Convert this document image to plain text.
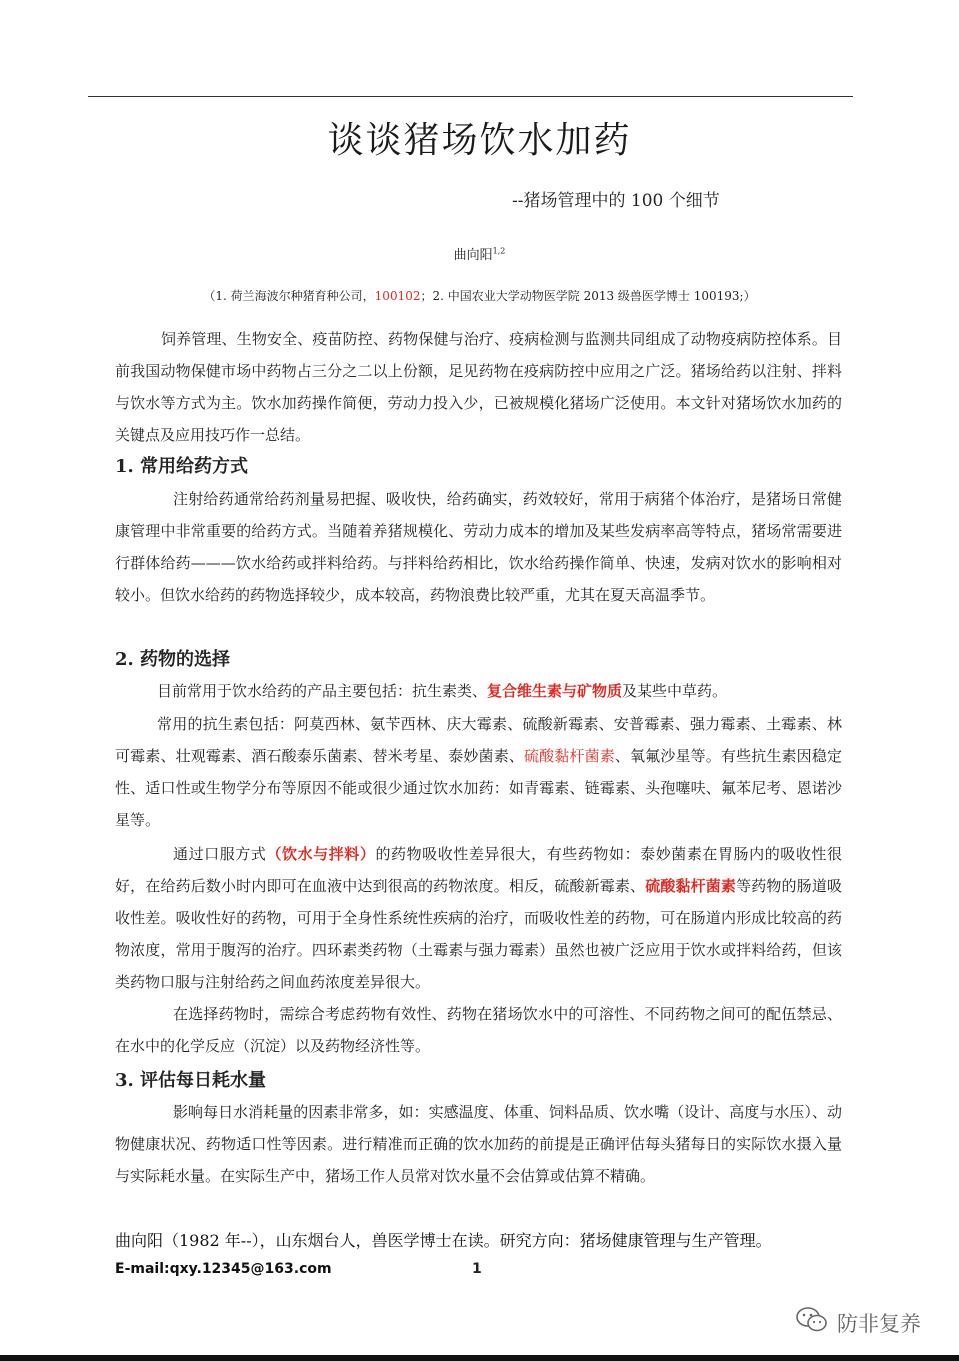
谈谈猪场饮水加药
--猪场管理中的 100 个细节
曲向阳$^{1,2}$
（1. 荷兰海波尔种猪育种公司，100102；2. 中国农业大学动物医学院 2013 级兽医学博士 100193;）

饲养管理、生物安全、疫苗防控、药物保健与治疗、疫病检测与监测共同组成了动物疫病防控体系。目前我国动物保健市场中药物占三分之二以上份额，足见药物在疫病防控中应用之广泛。猪场给药以注射、拌料与饮水等方式为主。饮水加药操作简便，劳动力投入少，已被规模化猪场广泛使用。本文针对猪场饮水加药的关键点及应用技巧作一总结。

1. 常用给药方式

注射给药通常给药剂量易把握、吸收快，给药确实，药效较好，常用于病猪个体治疗，是猪场日常健康管理中非常重要的给药方式。当随着养猪规模化、劳动力成本的增加及某些发病率高等特点，猪场常需要进行群体给药———饮水给药或拌料给药。与拌料给药相比，饮水给药操作简单、快速，发病对饮水的影响相对较小。但饮水给药的药物选择较少，成本较高，药物浪费比较严重，尤其在夏天高温季节。

2. 药物的选择

目前常用于饮水给药的产品主要包括：抗生素类、复合维生素与矿物质及某些中草药。

常用的抗生素包括：阿莫西林、氨苄西林、庆大霉素、硫酸新霉素、安普霉素、强力霉素、土霉素、林可霉素、壮观霉素、酒石酸泰乐菌素、替米考星、泰妙菌素、硫酸黏杆菌素、氧氟沙星等。有些抗生素因稳定性、适口性或生物学分布等原因不能或很少通过饮水加药：如青霉素、链霉素、头孢噻呋、氟苯尼考、恩诺沙星等。

通过口服方式（饮水与拌料）的药物吸收性差异很大，有些药物如：泰妙菌素在胃肠内的吸收性很好，在给药后数小时内即可在血液中达到很高的药物浓度。相反，硫酸新霉素、硫酸黏杆菌素等药物的肠道吸收性差。吸收性好的药物，可用于全身性系统性疾病的治疗，而吸收性差的药物，可在肠道内形成比较高的药物浓度，常用于腹泻的治疗。四环素类药物（土霉素与强力霉素）虽然也被广泛应用于饮水或拌料给药，但该类药物口服与注射给药之间血药浓度差异很大。

在选择药物时，需综合考虑药物有效性、药物在猪场饮水中的可溶性、不同药物之间可的配伍禁忌、在水中的化学反应（沉淀）以及药物经济性等。

3. 评估每日耗水量

影响每日水消耗量的因素非常多，如：实感温度、体重、饲料品质、饮水嘴（设计、高度与水压）、动物健康状况、药物适口性等因素。进行精准而正确的饮水加药的前提是正确评估每头猪每日的实际饮水摄入量与实际耗水量。在实际生产中，猪场工作人员常对饮水量不会估算或估算不精确。

曲向阳（1982 年--），山东烟台人，兽医学博士在读。研究方向：猪场健康管理与生产管理。
E-mail:qxy.12345@163.com	1
防非复养
